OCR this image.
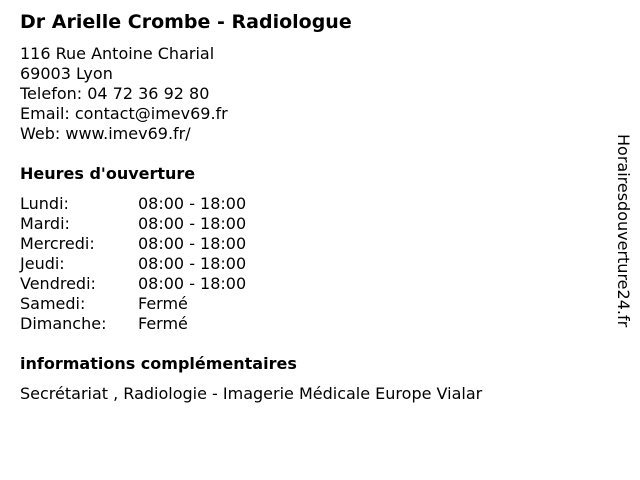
Dr Arielle Crombe - Radiologue
116 Rue Antoine Charial
69003 Lyon
Telefon: 04 72 36 92 80
Email: contact@imev69.fr
Web: www.imev69.fr/
Heures d'ouverture
Lundi:	08:00 - 18:00
Mardi:	08:00 - 18:00
Mercredi:	08:00 - 18:00
Jeudi:	08:00 - 18:00
Vendredi:	08:00 - 18:00
Samedi:	Fermé
Dimanche:	Fermé
informations complémentaires
Secrétariat , Radiologie - Imagerie Médicale Europe Vialar
Horairesdouverture24.fr
